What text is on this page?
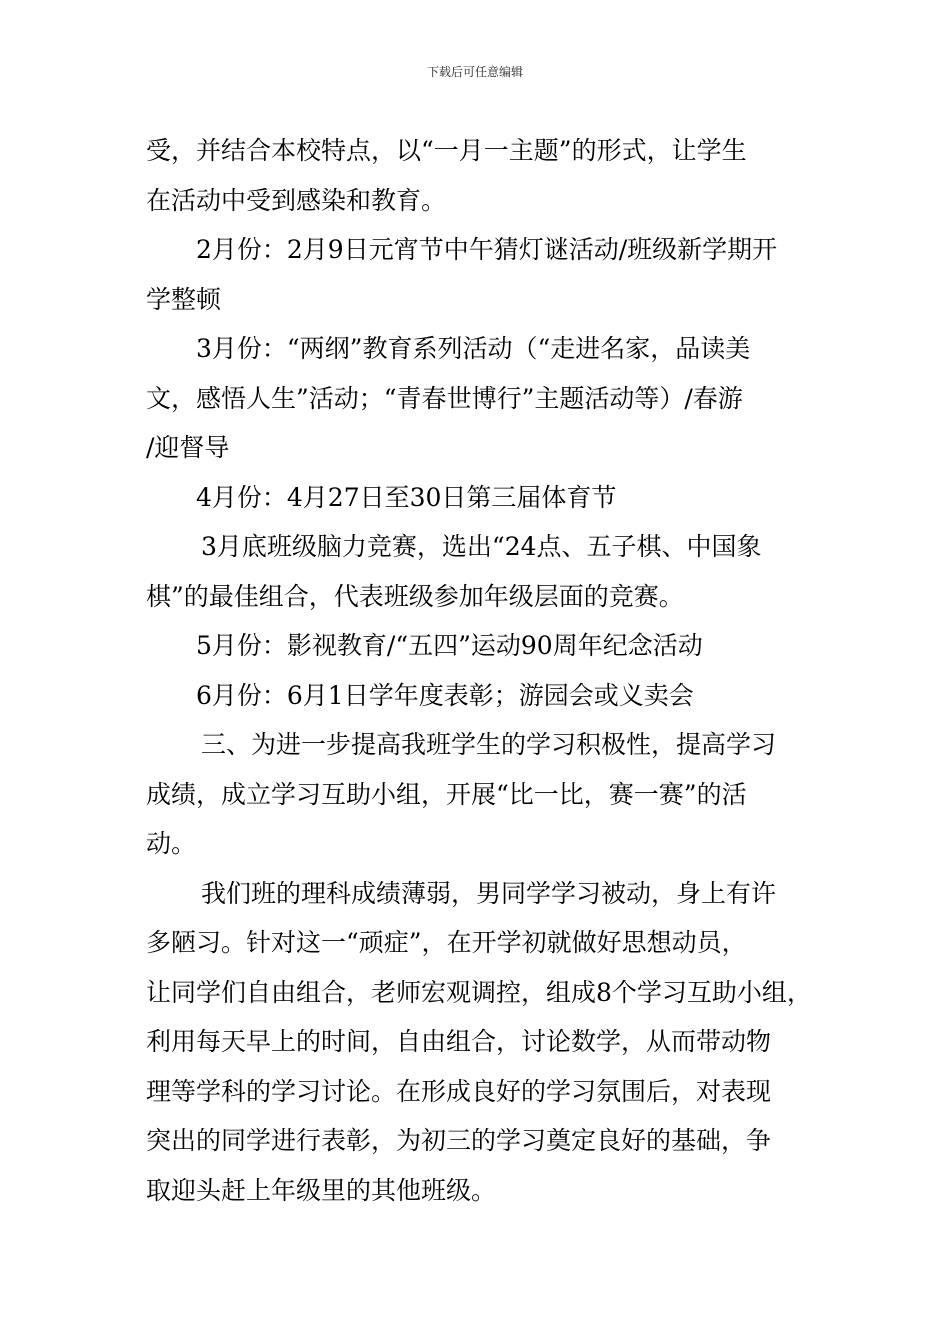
下载后可任意编辑

受，并结合本校特点，以“一月一主题”的形式，让学生
在活动中受到感染和教育。

2月份：2月9日元宵节中午猜灯谜活动/班级新学期开
学整顿

3月份：“两纲”教育系列活动（“走进名家，品读美
文，感悟人生”活动；“青春世博行”主题活动等）/春游
/迎督导

4月份：4月27日至30日第三届体育节

3月底班级脑力竞赛，选出“24点、五子棋、中国象
棋”的最佳组合，代表班级参加年级层面的竞赛。

5月份：影视教育/“五四”运动90周年纪念活动

6月份：6月1日学年度表彰；游园会或义卖会

三、为进一步提高我班学生的学习积极性，提高学习
成绩，成立学习互助小组，开展“比一比，赛一赛”的活
动。

我们班的理科成绩薄弱，男同学学习被动，身上有许
多陋习。针对这一“顽症”，在开学初就做好思想动员，
让同学们自由组合，老师宏观调控，组成8个学习互助小组，
利用每天早上的时间，自由组合，讨论数学，从而带动物
理等学科的学习讨论。在形成良好的学习氛围后，对表现
突出的同学进行表彰，为初三的学习奠定良好的基础，争
取迎头赶上年级里的其他班级。
